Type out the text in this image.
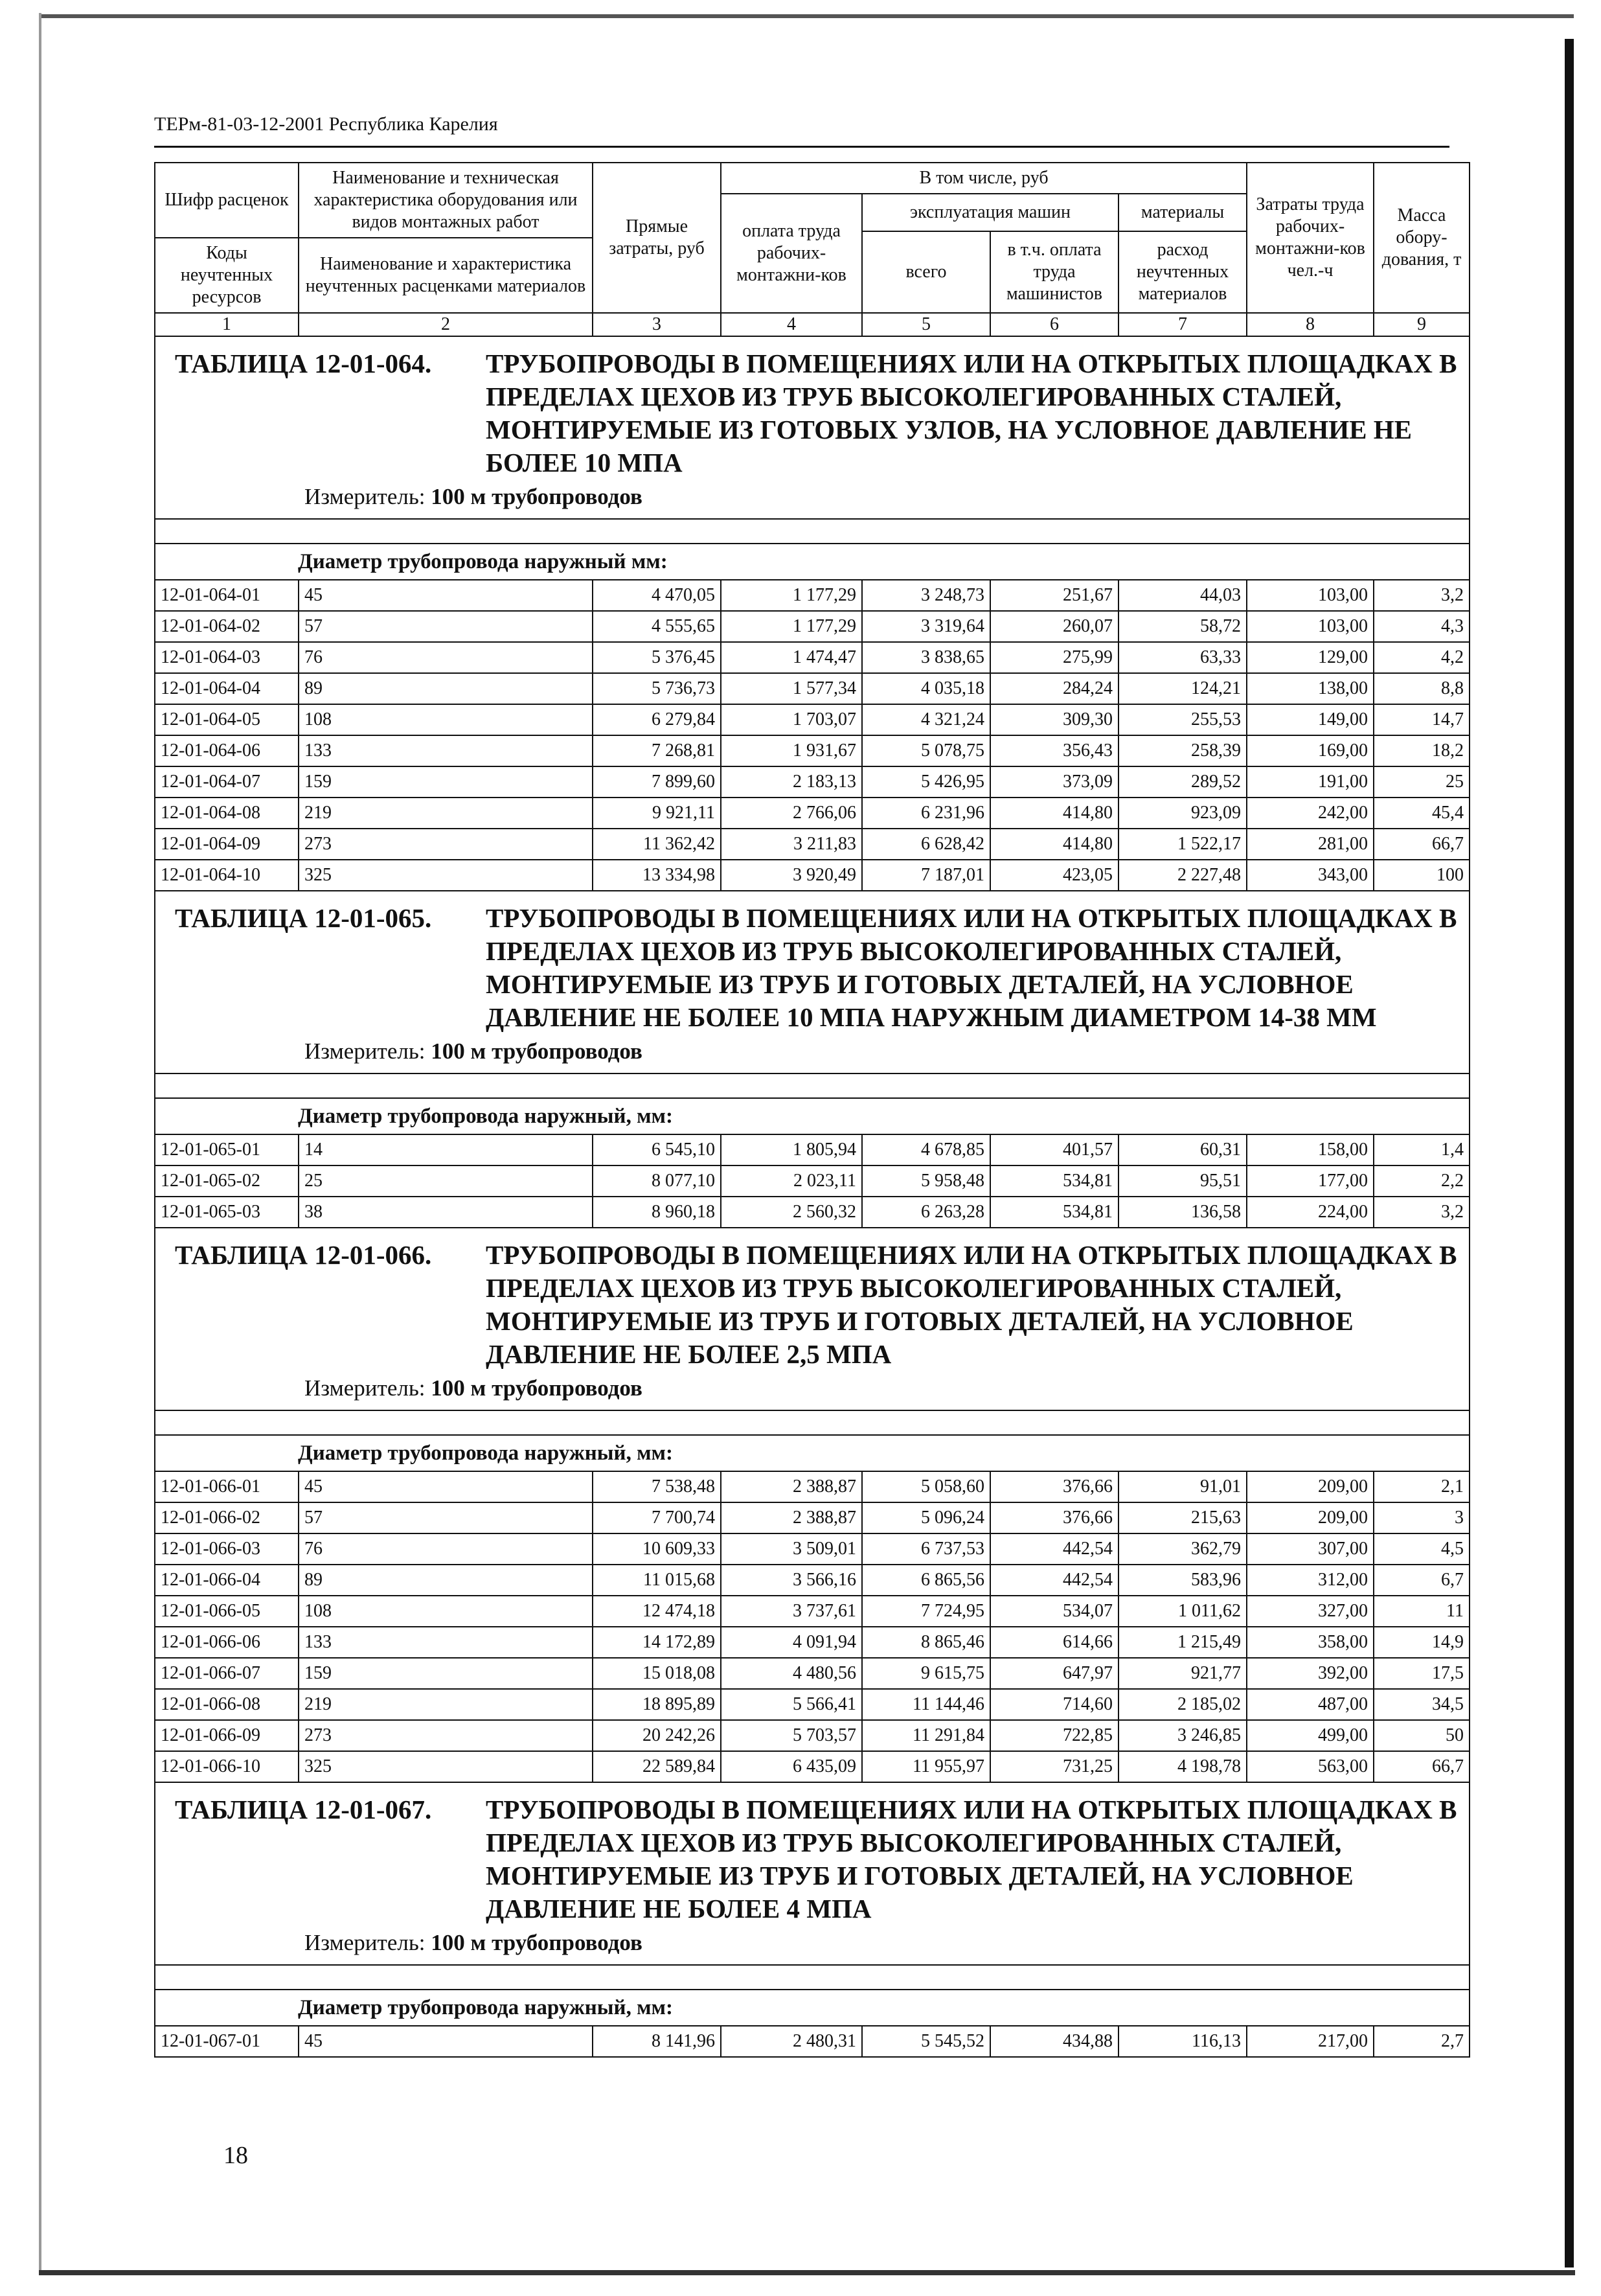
ТЕРм-81-03-12-2001 Республика Карелия
Шифр расценок	Наименование и техническая характеристика оборудования или видов монтажных работ	Прямые затраты, руб	В том числе, руб				Затраты труда рабочих-монтажни-ков чел.-ч	Масса обору-дования, т
			оплата труда рабочих-монтажни-ков	эксплуатация машин		материалы		
				всего	в т.ч. оплата труда машинистов	расход неучтенных материалов		
Коды неучтенных ресурсов	Наименование и характеристика неучтенных расценками материалов							

1	2	3	4	5	6	7	8	9

ТАБЛИЦА 12-01-064. ТРУБОПРОВОДЫ В ПОМЕЩЕНИЯХ ИЛИ НА ОТКРЫТЫХ ПЛОЩАДКАХ В ПРЕДЕЛАХ ЦЕХОВ ИЗ ТРУБ ВЫСОКОЛЕГИРОВАННЫХ СТАЛЕЙ, МОНТИРУЕМЫЕ ИЗ ГОТОВЫХ УЗЛОВ, НА УСЛОВНОЕ ДАВЛЕНИЕ НЕ БОЛЕЕ 10 МПА
Измеритель: 100 м трубопроводов								

Диаметр трубопровода наружный мм:								
12-01-064-01	45	4 470,05	1 177,29	3 248,73	251,67	44,03	103,00	3,2
12-01-064-02	57	4 555,65	1 177,29	3 319,64	260,07	58,72	103,00	4,3
12-01-064-03	76	5 376,45	1 474,47	3 838,65	275,99	63,33	129,00	4,2
12-01-064-04	89	5 736,73	1 577,34	4 035,18	284,24	124,21	138,00	8,8
12-01-064-05	108	6 279,84	1 703,07	4 321,24	309,30	255,53	149,00	14,7
12-01-064-06	133	7 268,81	1 931,67	5 078,75	356,43	258,39	169,00	18,2
12-01-064-07	159	7 899,60	2 183,13	5 426,95	373,09	289,52	191,00	25
12-01-064-08	219	9 921,11	2 766,06	6 231,96	414,80	923,09	242,00	45,4
12-01-064-09	273	11 362,42	3 211,83	6 628,42	414,80	1 522,17	281,00	66,7
12-01-064-10	325	13 334,98	3 920,49	7 187,01	423,05	2 227,48	343,00	100

ТАБЛИЦА 12-01-065. ТРУБОПРОВОДЫ В ПОМЕЩЕНИЯХ ИЛИ НА ОТКРЫТЫХ ПЛОЩАДКАХ В ПРЕДЕЛАХ ЦЕХОВ ИЗ ТРУБ ВЫСОКОЛЕГИРОВАННЫХ СТАЛЕЙ, МОНТИРУЕМЫЕ ИЗ ТРУБ И ГОТОВЫХ ДЕТАЛЕЙ, НА УСЛОВНОЕ ДАВЛЕНИЕ НЕ БОЛЕЕ 10 МПА НАРУЖНЫМ ДИАМЕТРОМ 14-38 ММ
Измеритель: 100 м трубопроводов								

Диаметр трубопровода наружный, мм:								
12-01-065-01	14	6 545,10	1 805,94	4 678,85	401,57	60,31	158,00	1,4
12-01-065-02	25	8 077,10	2 023,11	5 958,48	534,81	95,51	177,00	2,2
12-01-065-03	38	8 960,18	2 560,32	6 263,28	534,81	136,58	224,00	3,2

ТАБЛИЦА 12-01-066. ТРУБОПРОВОДЫ В ПОМЕЩЕНИЯХ ИЛИ НА ОТКРЫТЫХ ПЛОЩАДКАХ В ПРЕДЕЛАХ ЦЕХОВ ИЗ ТРУБ ВЫСОКОЛЕГИРОВАННЫХ СТАЛЕЙ, МОНТИРУЕМЫЕ ИЗ ТРУБ И ГОТОВЫХ ДЕТАЛЕЙ, НА УСЛОВНОЕ ДАВЛЕНИЕ НЕ БОЛЕЕ 2,5 МПА
Измеритель: 100 м трубопроводов								

Диаметр трубопровода наружный, мм:								
12-01-066-01	45	7 538,48	2 388,87	5 058,60	376,66	91,01	209,00	2,1
12-01-066-02	57	7 700,74	2 388,87	5 096,24	376,66	215,63	209,00	3
12-01-066-03	76	10 609,33	3 509,01	6 737,53	442,54	362,79	307,00	4,5
12-01-066-04	89	11 015,68	3 566,16	6 865,56	442,54	583,96	312,00	6,7
12-01-066-05	108	12 474,18	3 737,61	7 724,95	534,07	1 011,62	327,00	11
12-01-066-06	133	14 172,89	4 091,94	8 865,46	614,66	1 215,49	358,00	14,9
12-01-066-07	159	15 018,08	4 480,56	9 615,75	647,97	921,77	392,00	17,5
12-01-066-08	219	18 895,89	5 566,41	11 144,46	714,60	2 185,02	487,00	34,5
12-01-066-09	273	20 242,26	5 703,57	11 291,84	722,85	3 246,85	499,00	50
12-01-066-10	325	22 589,84	6 435,09	11 955,97	731,25	4 198,78	563,00	66,7

ТАБЛИЦА 12-01-067. ТРУБОПРОВОДЫ В ПОМЕЩЕНИЯХ ИЛИ НА ОТКРЫТЫХ ПЛОЩАДКАХ В ПРЕДЕЛАХ ЦЕХОВ ИЗ ТРУБ ВЫСОКОЛЕГИРОВАННЫХ СТАЛЕЙ, МОНТИРУЕМЫЕ ИЗ ТРУБ И ГОТОВЫХ ДЕТАЛЕЙ, НА УСЛОВНОЕ ДАВЛЕНИЕ НЕ БОЛЕЕ 4 МПА
Измеритель: 100 м трубопроводов								

Диаметр трубопровода наружный, мм:								
12-01-067-01	45	8 141,96	2 480,31	5 545,52	434,88	116,13	217,00	2,7
18
